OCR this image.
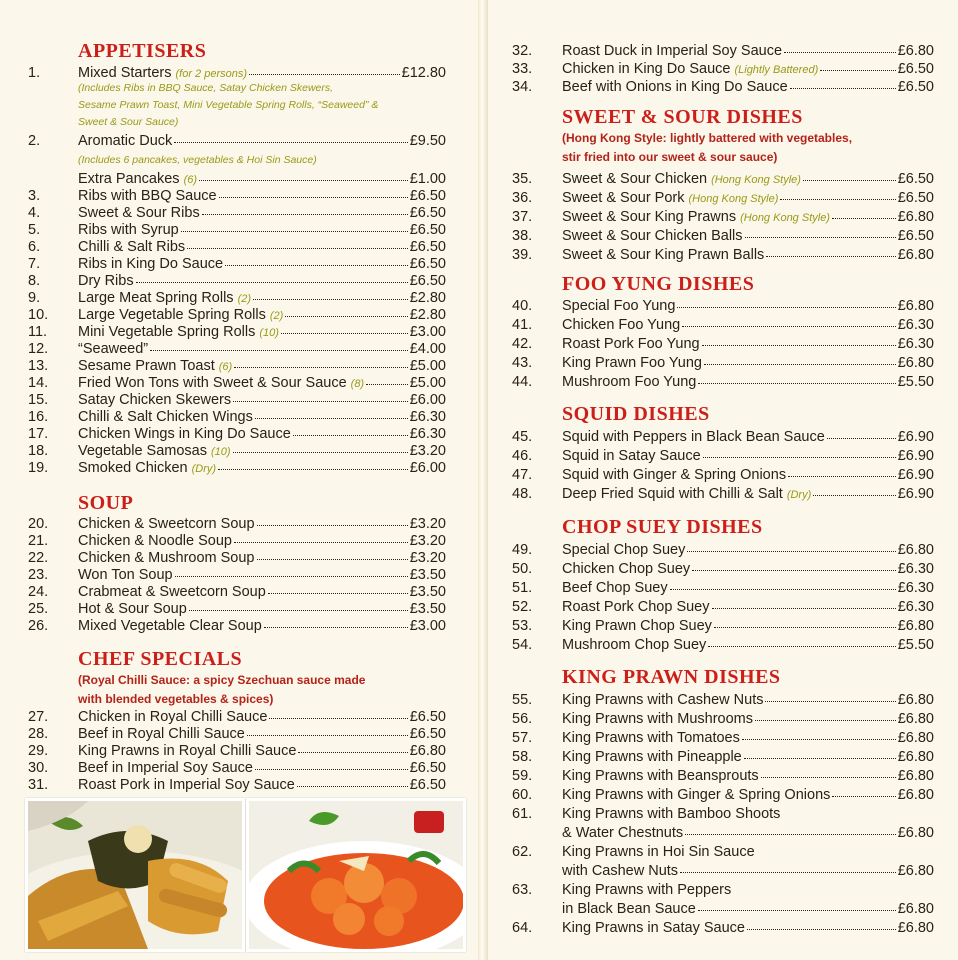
APPETISERS
1.	Mixed Starters (for 2 persons)	£12.80
2.	Aromatic Duck	£9.50
Extra Pancakes (6)	£1.00
3.	Ribs with BBQ Sauce	£6.50
4.	Sweet & Sour Ribs	£6.50
5.	Ribs with Syrup	£6.50
6.	Chilli & Salt Ribs	£6.50
7.	Ribs in King Do Sauce	£6.50
8.	Dry Ribs	£6.50
9.	Large Meat Spring Rolls (2)	£2.80
10.	Large Vegetable Spring Rolls (2)	£2.80
11.	Mini Vegetable Spring Rolls (10)	£3.00
12.	“Seaweed”	£4.00
13.	Sesame Prawn Toast (6)	£5.00
14.	Fried Won Tons with Sweet & Sour Sauce (8)	£5.00
15.	Satay Chicken Skewers	£6.00
16.	Chilli & Salt Chicken Wings	£6.30
17.	Chicken Wings in King Do Sauce	£6.30
18.	Vegetable Samosas (10)	£3.20
19.	Smoked Chicken (Dry)	£6.00
(Includes Ribs in BBQ Sauce, Satay Chicken Skewers,
Sesame Prawn Toast, Mini Vegetable Spring Rolls, “Seaweed” &
Sweet & Sour Sauce)
(Includes 6 pancakes, vegetables & Hoi Sin Sauce)
SOUP
20.	Chicken & Sweetcorn Soup	£3.20
21.	Chicken & Noodle Soup	£3.20
22.	Chicken & Mushroom Soup	£3.20
23.	Won Ton Soup	£3.50
24.	Crabmeat & Sweetcorn Soup	£3.50
25.	Hot & Sour Soup	£3.50
26.	Mixed Vegetable Clear Soup	£3.00
CHEF SPECIALS
(Royal Chilli Sauce: a spicy Szechuan sauce made
with blended vegetables & spices)
27.	Chicken in Royal Chilli Sauce	£6.50
28.	Beef in Royal Chilli Sauce	£6.50
29.	King Prawns in Royal Chilli Sauce	£6.80
30.	Beef in Imperial Soy Sauce	£6.50
31.	Roast Pork in Imperial Soy Sauce	£6.50
32.	Roast Duck in Imperial Soy Sauce	£6.80
33.	Chicken in King Do Sauce (Lightly Battered)	£6.50
34.	Beef with Onions in King Do Sauce	£6.50
SWEET & SOUR DISHES
(Hong Kong Style: lightly battered with vegetables,
stir fried into our sweet & sour sauce)
35.	Sweet & Sour Chicken (Hong Kong Style)	£6.50
36.	Sweet & Sour Pork (Hong Kong Style)	£6.50
37.	Sweet & Sour King Prawns (Hong Kong Style)	£6.80
38.	Sweet & Sour Chicken Balls	£6.50
39.	Sweet & Sour King Prawn Balls	£6.80
FOO YUNG DISHES
40.	Special Foo Yung	£6.80
41.	Chicken Foo Yung	£6.30
42.	Roast Pork Foo Yung	£6.30
43.	King Prawn Foo Yung	£6.80
44.	Mushroom Foo Yung	£5.50
SQUID DISHES
45.	Squid with Peppers in Black Bean Sauce	£6.90
46.	Squid in Satay Sauce	£6.90
47.	Squid with Ginger & Spring Onions	£6.90
48.	Deep Fried Squid with Chilli & Salt (Dry)	£6.90
CHOP SUEY DISHES
49.	Special Chop Suey	£6.80
50.	Chicken Chop Suey	£6.30
51.	Beef Chop Suey	£6.30
52.	Roast Pork Chop Suey	£6.30
53.	King Prawn Chop Suey	£6.80
54.	Mushroom Chop Suey	£5.50
KING PRAWN DISHES
55.	King Prawns with Cashew Nuts	£6.80
56.	King Prawns with Mushrooms	£6.80
57.	King Prawns with Tomatoes	£6.80
58.	King Prawns with Pineapple	£6.80
59.	King Prawns with Beansprouts	£6.80
60.	King Prawns with Ginger & Spring Onions	£6.80
61.	King Prawns with Bamboo Shoots
& Water Chestnuts	£6.80
62.	King Prawns in Hoi Sin Sauce
with Cashew Nuts	£6.80
63.	King Prawns with Peppers
in Black Bean Sauce	£6.80
64.	King Prawns in Satay Sauce	£6.80
